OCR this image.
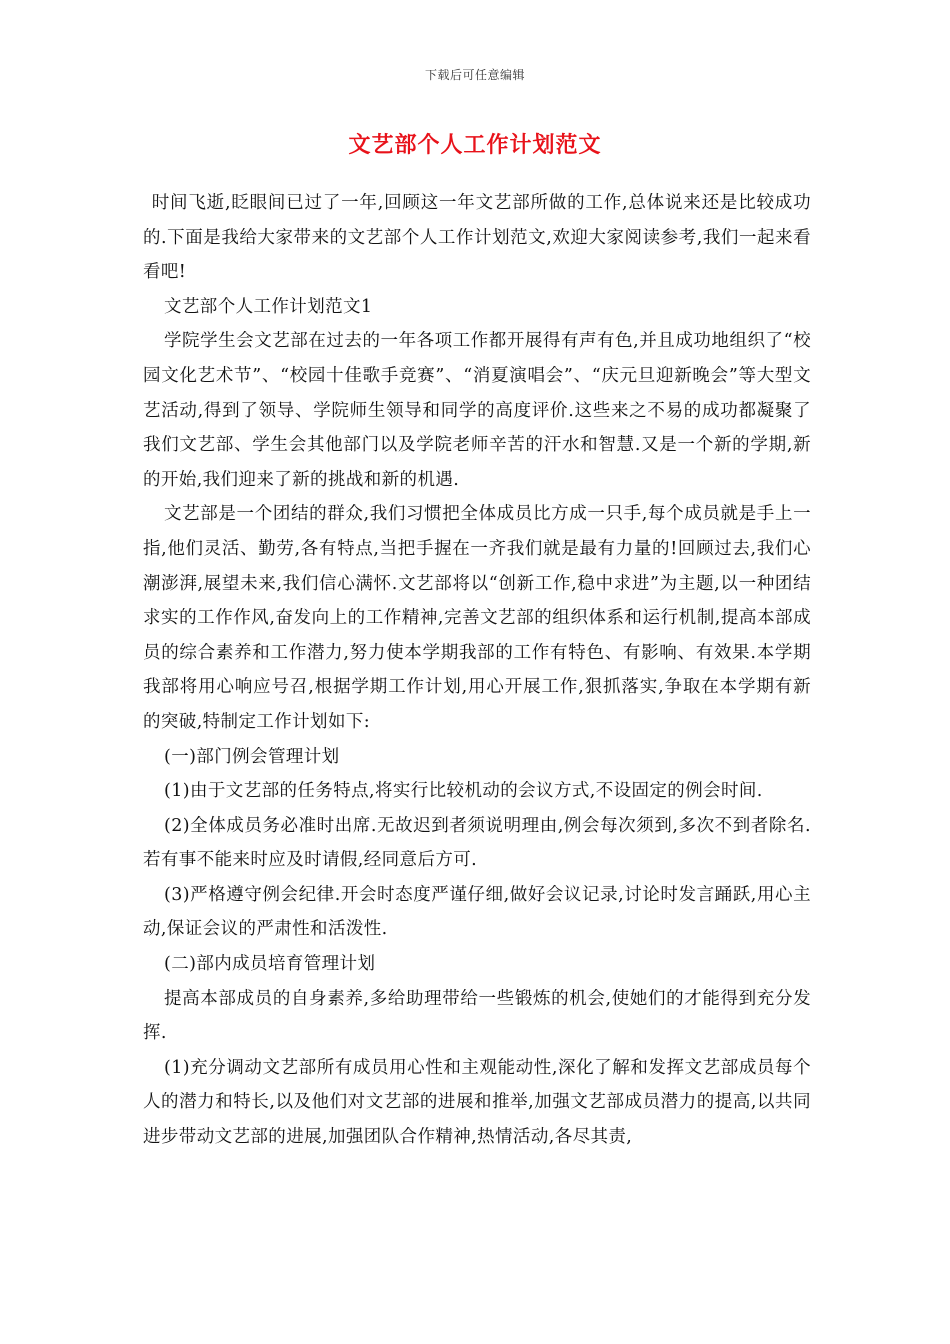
下载后可任意编辑
文艺部个人工作计划范文

时间飞逝,眨眼间已过了一年,回顾这一年文艺部所做的工作,总体说来还是比较成功的.下面是我给大家带来的文艺部个人工作计划范文,欢迎大家阅读参考,我们一起来看看吧!

文艺部个人工作计划范文1

学院学生会文艺部在过去的一年各项工作都开展得有声有色,并且成功地组织了“校园文化艺术节”、“校园十佳歌手竞赛”、“消夏演唱会”、“庆元旦迎新晚会”等大型文艺活动,得到了领导、学院师生领导和同学的高度评价.这些来之不易的成功都凝聚了我们文艺部、学生会其他部门以及学院老师辛苦的汗水和智慧.又是一个新的学期,新的开始,我们迎来了新的挑战和新的机遇.

文艺部是一个团结的群众,我们习惯把全体成员比方成一只手,每个成员就是手上一指,他们灵活、勤劳,各有特点,当把手握在一齐我们就是最有力量的!回顾过去,我们心潮澎湃,展望未来,我们信心满怀.文艺部将以“创新工作,稳中求进”为主题,以一种团结求实的工作作风,奋发向上的工作精神,完善文艺部的组织体系和运行机制,提高本部成员的综合素养和工作潜力,努力使本学期我部的工作有特色、有影响、有效果.本学期我部将用心响应号召,根据学期工作计划,用心开展工作,狠抓落实,争取在本学期有新的突破,特制定工作计划如下:

(一)部门例会管理计划

(1)由于文艺部的任务特点,将实行比较机动的会议方式,不设固定的例会时间.

(2)全体成员务必准时出席.无故迟到者须说明理由,例会每次须到,多次不到者除名.若有事不能来时应及时请假,经同意后方可.

(3)严格遵守例会纪律.开会时态度严谨仔细,做好会议记录,讨论时发言踊跃,用心主动,保证会议的严肃性和活泼性.

(二)部内成员培育管理计划

提高本部成员的自身素养,多给助理带给一些锻炼的机会,使她们的才能得到充分发挥.

(1)充分调动文艺部所有成员用心性和主观能动性,深化了解和发挥文艺部成员每个人的潜力和特长,以及他们对文艺部的进展和推举,加强文艺部成员潜力的提高,以共同进步带动文艺部的进展,加强团队合作精神,热情活动,各尽其责,
